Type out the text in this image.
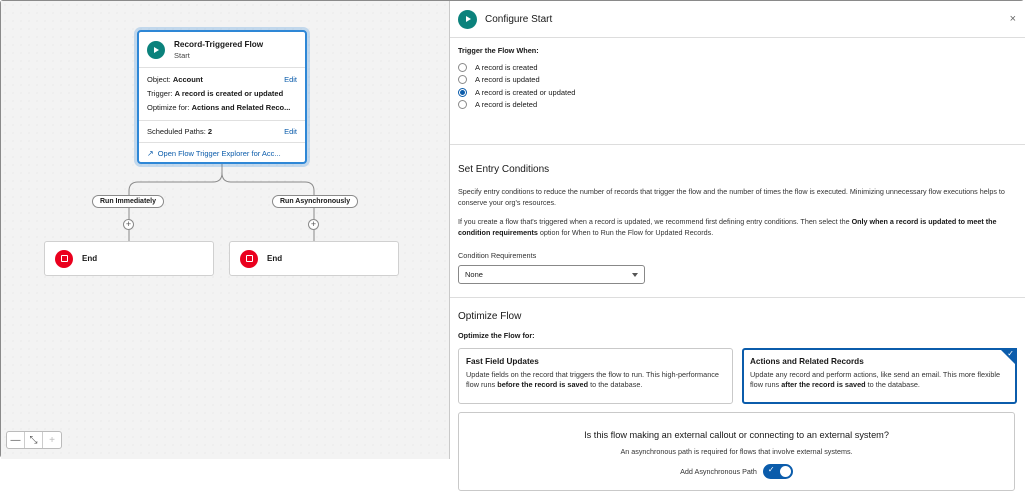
Record-Triggered Flow
Start
Object: Account	Edit
Trigger: A record is created or updated
Optimize for: Actions and Related Reco...
Scheduled Paths: 2	Edit
↗ Open Flow Trigger Explorer for Acc...
Run Immediately	Run Asynchronously
+	+
End	End
— ⤡	+
Configure Start	×
Trigger the Flow When:
A record is created
A record is updated
A record is created or updated
A record is deleted
Set Entry Conditions
Specify entry conditions to reduce the number of records that trigger the flow and the number of times the flow is executed. Minimizing unnecessary flow executions helps to conserve your org's resources.
If you create a flow that's triggered when a record is updated, we recommend first defining entry conditions. Then select the Only when a record is updated to meet the condition requirements option for When to Run the Flow for Updated Records.
Condition Requirements
None
Optimize Flow
Optimize the Flow for:
Fast Field Updates
Update fields on the record that triggers the flow to run. This high-performance flow runs before the record is saved to the database.
✓
Actions and Related Records
Update any record and perform actions, like send an email. This more flexible flow runs after the record is saved to the database.
Is this flow making an external callout or connecting to an external system?
An asynchronous path is required for flows that involve external systems.
Add Asynchronous Path ✓
